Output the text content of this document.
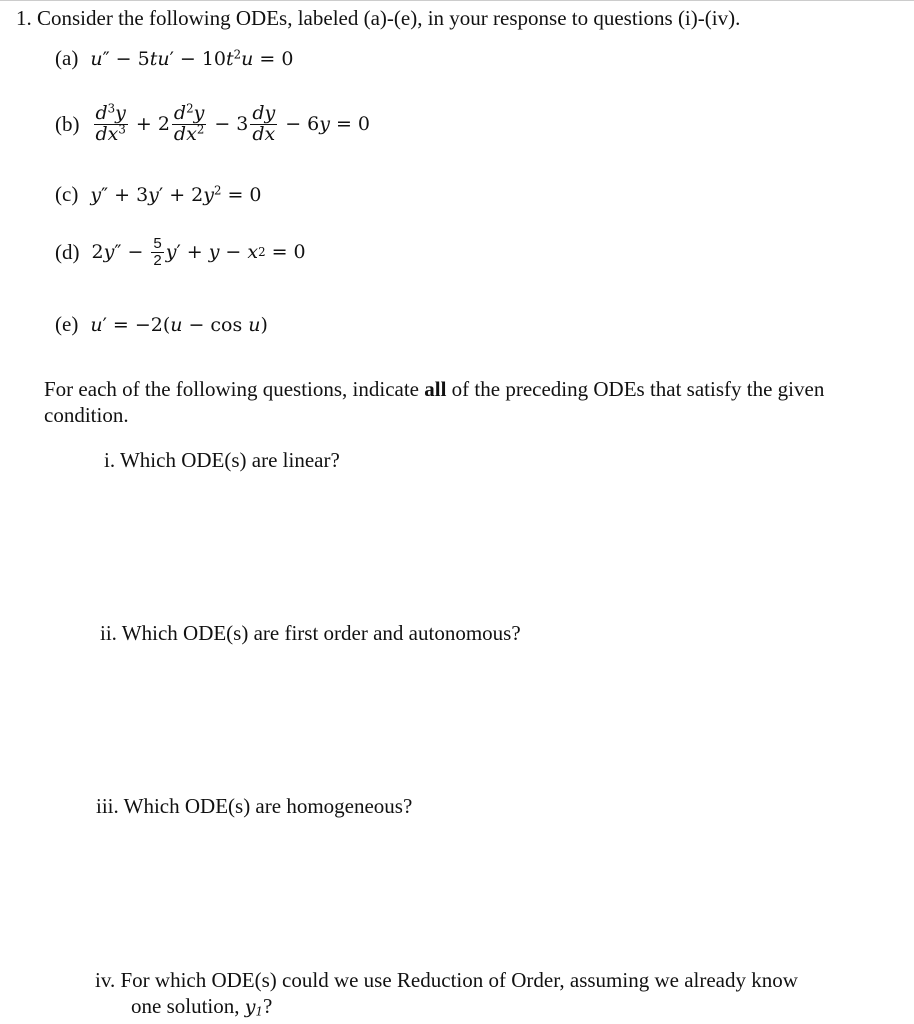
1. Consider the following ODEs, labeled (a)-(e), in your response to questions (i)-(iv).
(a) $u'' - 5tu' - 10t^2u = 0$
$(b) \frac{d^3y}{dx^3} + 2 \frac{d^2y}{dx^2} - 3 \frac{dy}{dx} - 6$ y = 0
(c) $y'' + 3y' + 2y^2 = 0$
(d) 2 y ″ − $\frac{5}{2}$ y ′ + y − x 2 = 0
(e) u′ = −2(u − cos u)
For each of the following questions, indicate all of the preceding ODEs that satisfy the given condition.
i. Which ODE(s) are linear?
ii. Which ODE(s) are first order and autonomous?
iii. Which ODE(s) are homogeneous?
iv. For which ODE(s) could we use Reduction of Order, assuming we already know
one solution, $y_1$?
